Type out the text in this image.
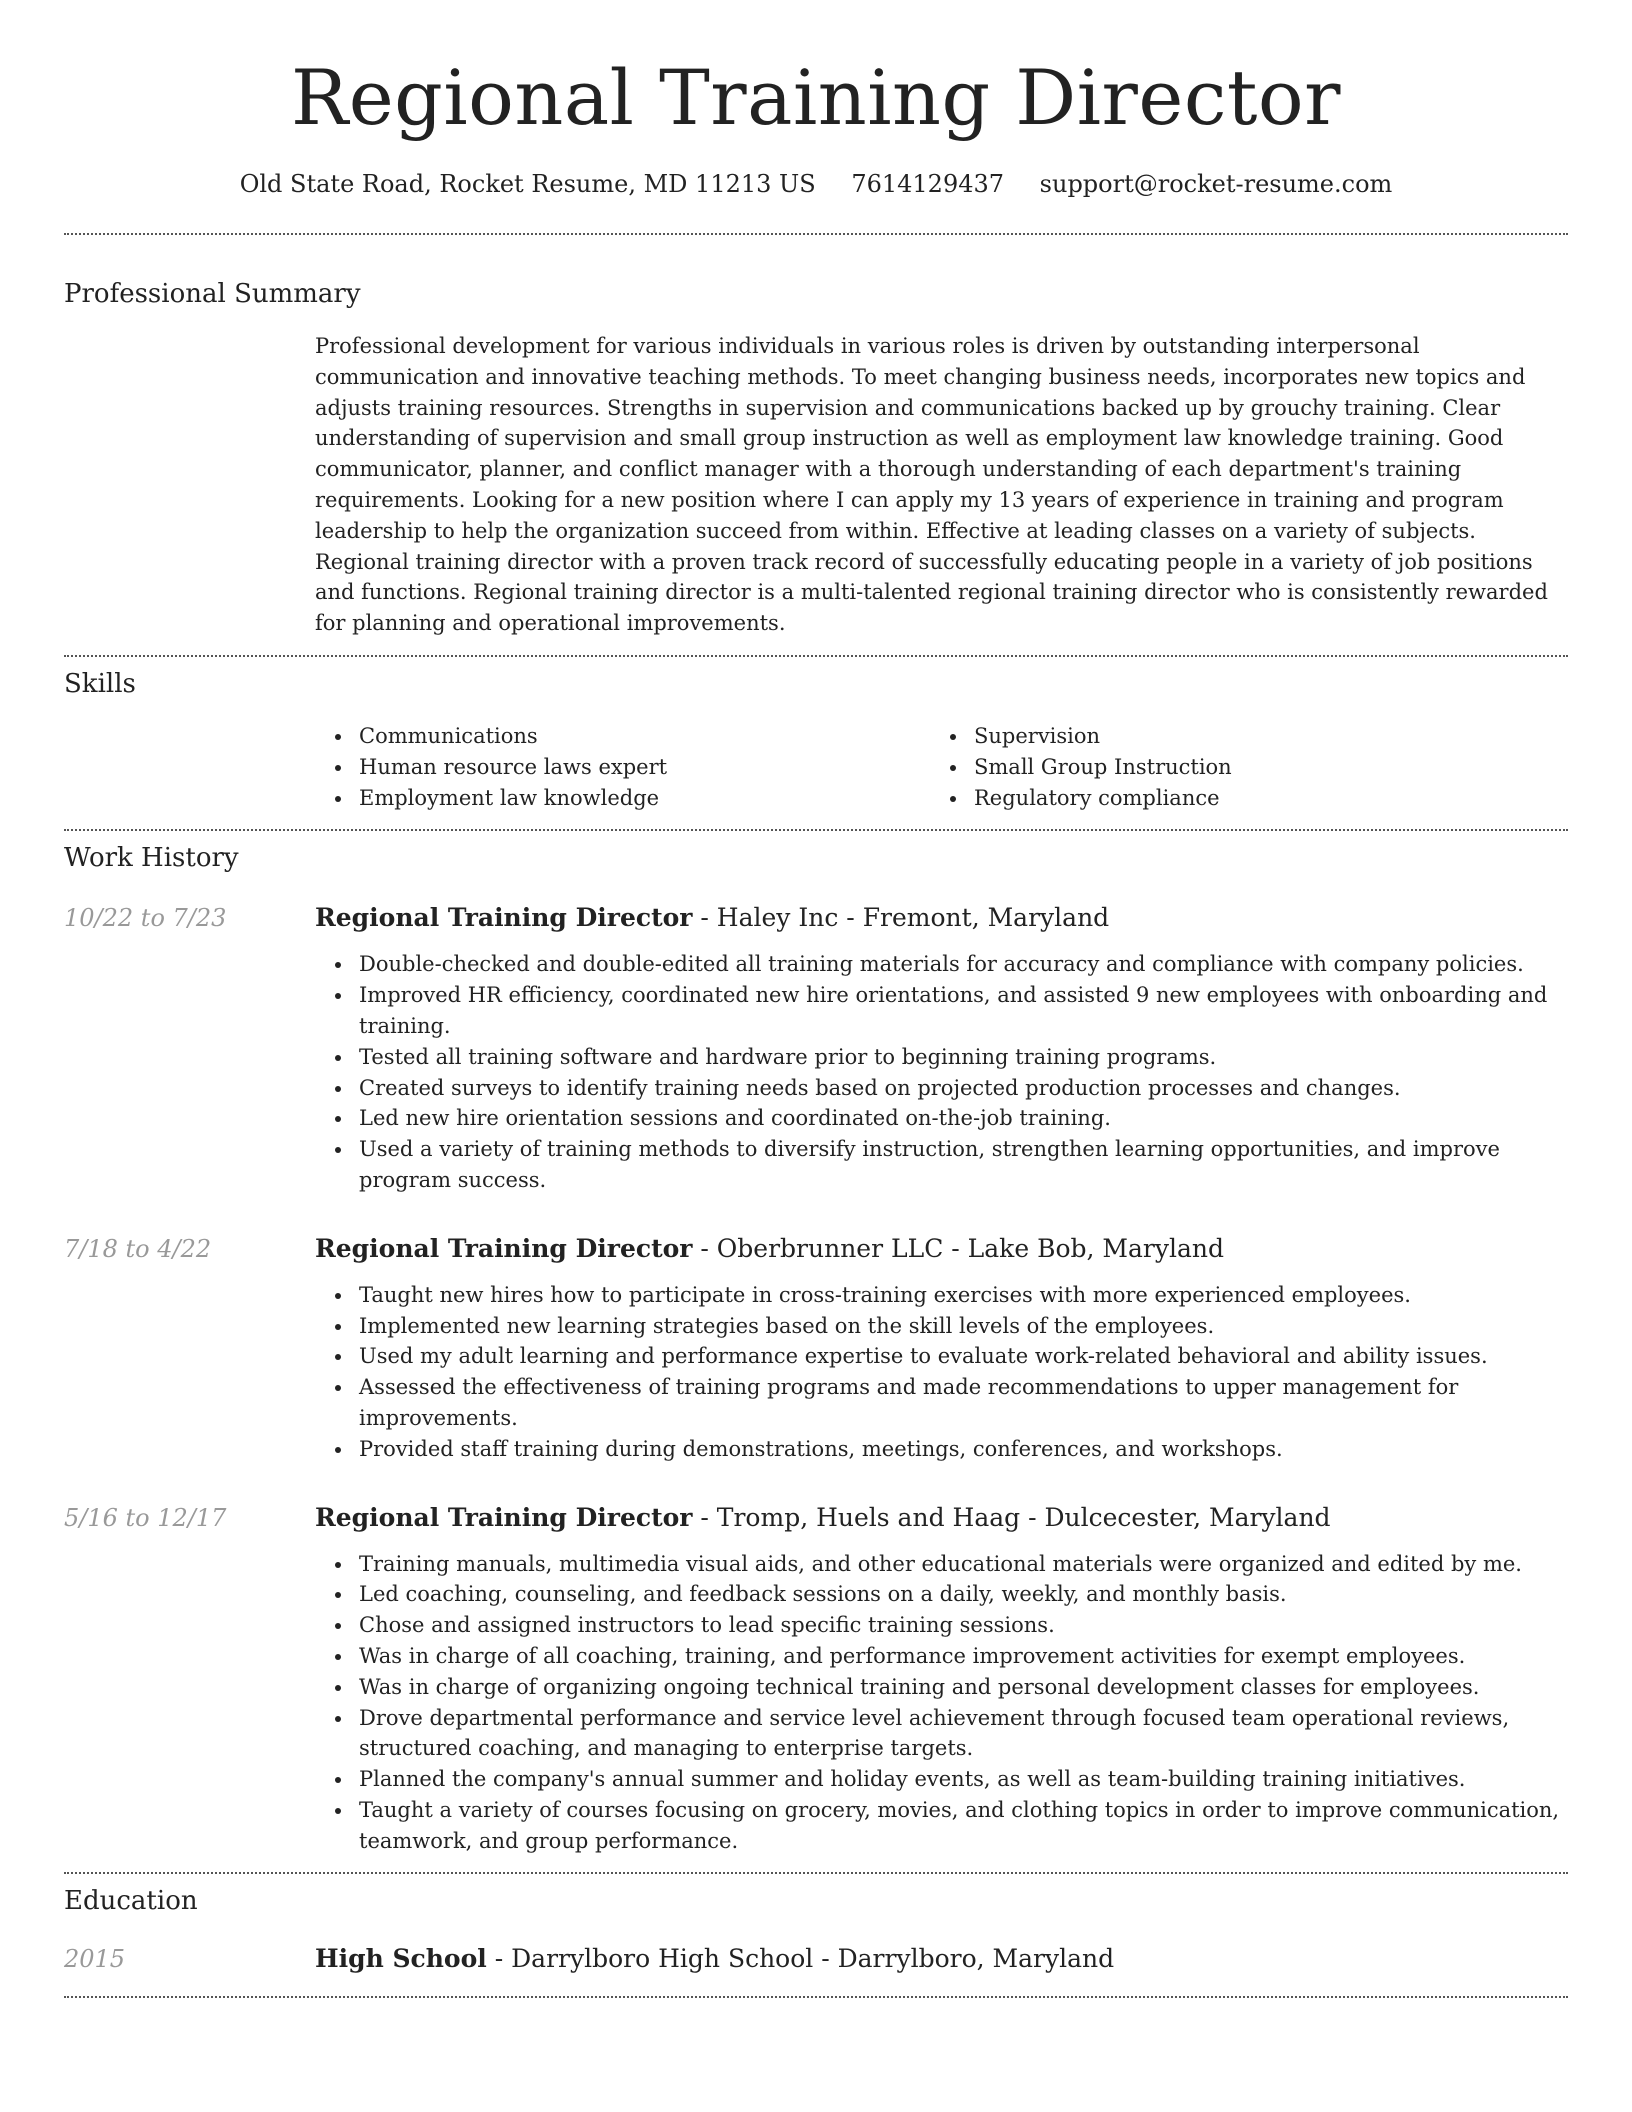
Regional Training Director
Old State Road, Rocket Resume, MD 11213 US 7614129437 support@rocket-resume.com
Professional Summary

Professional development for various individuals in various roles is driven by outstanding interpersonal communication and innovative teaching methods. To meet changing business needs, incorporates new topics and adjusts training resources. Strengths in supervision and communications backed up by grouchy training. Clear understanding of supervision and small group instruction as well as employment law knowledge training. Good communicator, planner, and conflict manager with a thorough understanding of each department's training requirements. Looking for a new position where I can apply my 13 years of experience in training and program leadership to help the organization succeed from within. Effective at leading classes on a variety of subjects. Regional training director with a proven track record of successfully educating people in a variety of job positions and functions. Regional training director is a multi-talented regional training director who is consistently rewarded for planning and operational improvements.

Skills
Communications
Human resource laws expert
Employment law knowledge
Supervision
Small Group Instruction
Regulatory compliance
Work History
10/22 to 7/23	Regional Training Director - Haley Inc - Fremont, Maryland
Double-checked and double-edited all training materials for accuracy and compliance with company policies.
Improved HR efficiency, coordinated new hire orientations, and assisted 9 new employees with onboarding and training.
Tested all training software and hardware prior to beginning training programs.
Created surveys to identify training needs based on projected production processes and changes.
Led new hire orientation sessions and coordinated on-the-job training.
Used a variety of training methods to diversify instruction, strengthen learning opportunities, and improve program success.
7/18 to 4/22	Regional Training Director - Oberbrunner LLC - Lake Bob, Maryland
Taught new hires how to participate in cross-training exercises with more experienced employees.
Implemented new learning strategies based on the skill levels of the employees.
Used my adult learning and performance expertise to evaluate work-related behavioral and ability issues.
Assessed the effectiveness of training programs and made recommendations to upper management for improvements.
Provided staff training during demonstrations, meetings, conferences, and workshops.
5/16 to 12/17	Regional Training Director - Tromp, Huels and Haag - Dulcecester, Maryland
Training manuals, multimedia visual aids, and other educational materials were organized and edited by me.
Led coaching, counseling, and feedback sessions on a daily, weekly, and monthly basis.
Chose and assigned instructors to lead specific training sessions.
Was in charge of all coaching, training, and performance improvement activities for exempt employees.
Was in charge of organizing ongoing technical training and personal development classes for employees.
Drove departmental performance and service level achievement through focused team operational reviews, structured coaching, and managing to enterprise targets.
Planned the company's annual summer and holiday events, as well as team-building training initiatives.
Taught a variety of courses focusing on grocery, movies, and clothing topics in order to improve communication, teamwork, and group performance.
Education
2015	High School - Darrylboro High School - Darrylboro, Maryland
